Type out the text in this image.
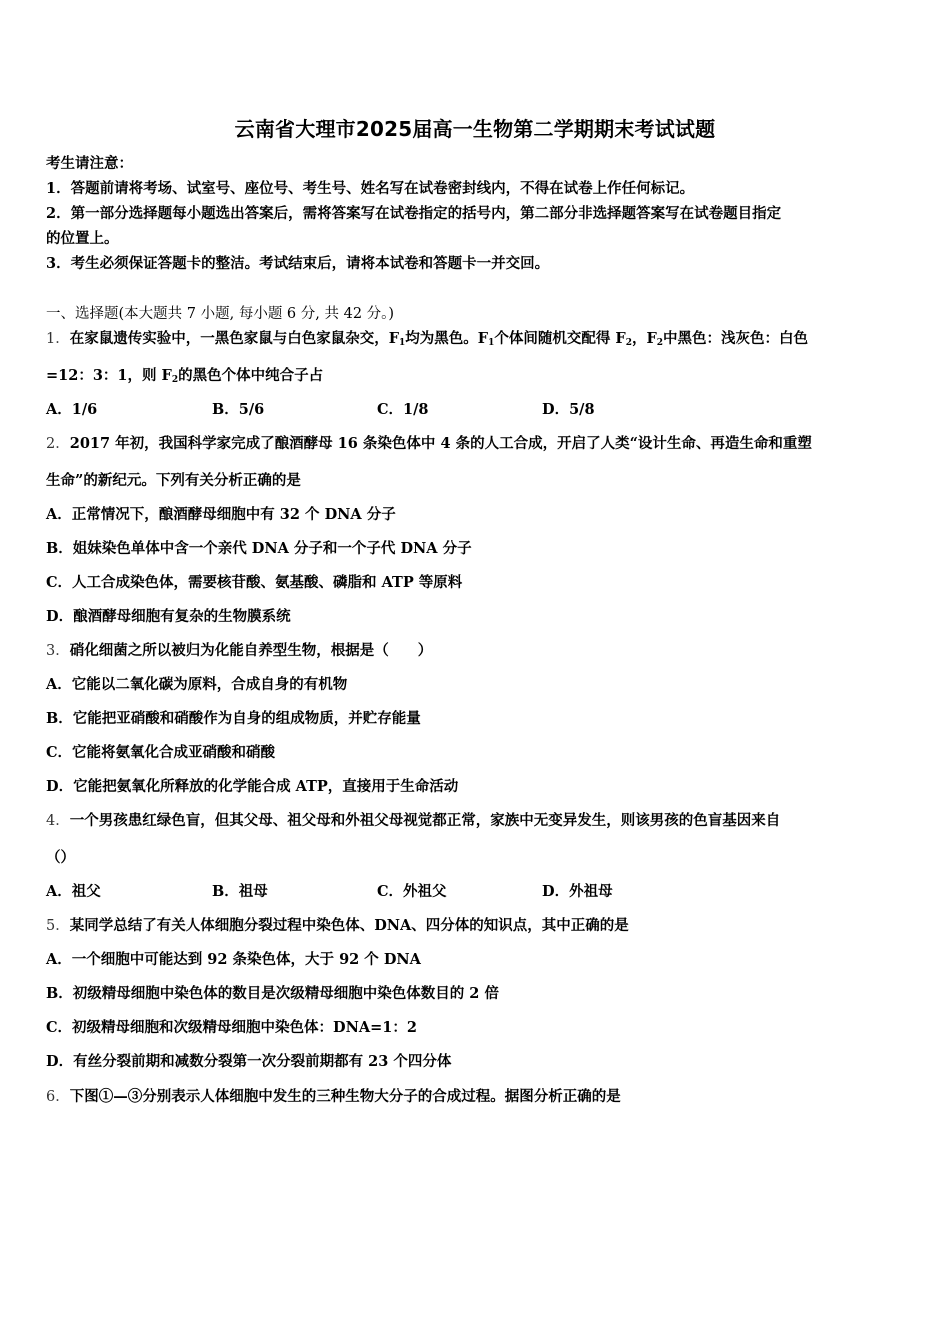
云南省大理市2025届高一生物第二学期期末考试试题
考生请注意：
1．答题前请将考场、试室号、座位号、考生号、姓名写在试卷密封线内，不得在试卷上作任何标记。
2．第一部分选择题每小题选出答案后，需将答案写在试卷指定的括号内，第二部分非选择题答案写在试卷题目指定
的位置上。
3．考生必须保证答题卡的整洁。考试结束后，请将本试卷和答题卡一并交回。
一、选择题(本大题共 7 小题, 每小题 6 分, 共 42 分。)
1．在家鼠遗传实验中，一黑色家鼠与白色家鼠杂交，$F_1$均为黑色。$F_1$个体间随机交配得 $F_2$，$F_2$中黑色：浅灰色：白色
=12：3：1，则 $F_2$的黑色个体中纯合子占
A．1/6	B．5/6	C．1/8	D．5/8
2．2017 年初，我国科学家完成了酿酒酵母 16 条染色体中 4 条的人工合成，开启了人类“设计生命、再造生命和重塑
生命”的新纪元。下列有关分析正确的是
A．正常情况下，酿酒酵母细胞中有 32 个 DNA 分子
B．姐妹染色单体中含一个亲代 DNA 分子和一个子代 DNA 分子
C．人工合成染色体，需要核苷酸、氨基酸、磷脂和 ATP 等原料
D．酿酒酵母细胞有复杂的生物膜系统
3．硝化细菌之所以被归为化能自养型生物，根据是（　　）
A．它能以二氧化碳为原料，合成自身的有机物
B．它能把亚硝酸和硝酸作为自身的组成物质，并贮存能量
C．它能将氨氧化合成亚硝酸和硝酸
D．它能把氨氧化所释放的化学能合成 ATP，直接用于生命活动
4．一个男孩患红绿色盲，但其父母、祖父母和外祖父母视觉都正常，家族中无变异发生，则该男孩的色盲基因来自
（）
A．祖父	B．祖母	C．外祖父	D．外祖母
5．某同学总结了有关人体细胞分裂过程中染色体、DNA、四分体的知识点，其中正确的是
A．一个细胞中可能达到 92 条染色体，大于 92 个 DNA
B．初级精母细胞中染色体的数目是次级精母细胞中染色体数目的 2 倍
C．初级精母细胞和次级精母细胞中染色体：DNA=1：2
D．有丝分裂前期和减数分裂第一次分裂前期都有 23 个四分体
6．下图①—③分别表示人体细胞中发生的三种生物大分子的合成过程。据图分析正确的是
